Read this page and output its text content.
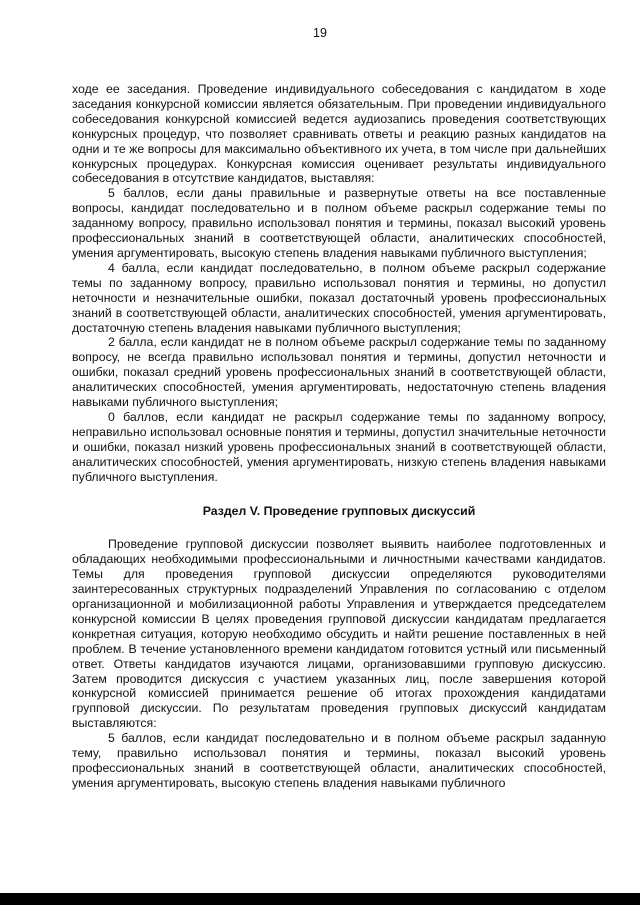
19

ходе ее заседания. Проведение индивидуального собеседования с кандидатом в ходе заседания конкурсной комиссии является обязательным. При проведении индивидуального собеседования конкурсной комиссией ведется аудиозапись проведения соответствующих конкурсных процедур, что позволяет сравнивать ответы и реакцию разных кандидатов на одни и те же вопросы для максимально объективного их учета, в том числе при дальнейших конкурсных процедурах. Конкурсная комиссия оценивает результаты индивидуального собеседования в отсутствие кандидатов, выставляя:

5 баллов, если даны правильные и развернутые ответы на все поставленные вопросы, кандидат последовательно и в полном объеме раскрыл содержание темы по заданному вопросу, правильно использовал понятия и термины, показал высокий уровень профессиональных знаний в соответствующей области, аналитических способностей, умения аргументировать, высокую степень владения навыками публичного выступления;

4 балла, если кандидат последовательно, в полном объеме раскрыл содержание темы по заданному вопросу, правильно использовал понятия и термины, но допустил неточности и незначительные ошибки, показал достаточный уровень профессиональных знаний в соответствующей области, аналитических способностей, умения аргументировать, достаточную степень владения навыками публичного выступления;

2 балла, если кандидат не в полном объеме раскрыл содержание темы по заданному вопросу, не всегда правильно использовал понятия и термины, допустил неточности и ошибки, показал средний уровень профессиональных знаний в соответствующей области, аналитических способностей, умения аргументировать, недостаточную степень владения навыками публичного выступления;

0 баллов, если кандидат не раскрыл содержание темы по заданному вопросу, неправильно использовал основные понятия и термины, допустил значительные неточности и ошибки, показал низкий уровень профессиональных знаний в соответствующей области, аналитических способностей, умения аргументировать, низкую степень владения навыками публичного выступления.

Раздел V. Проведение групповых дискуссий

Проведение групповой дискуссии позволяет выявить наиболее подготовленных и обладающих необходимыми профессиональными и личностными качествами кандидатов. Темы для проведения групповой дискуссии определяются руководителями заинтересованных структурных подразделений Управления по согласованию с отделом организационной и мобилизационной работы Управления и утверждается председателем конкурсной комиссии В целях проведения групповой дискуссии кандидатам предлагается конкретная ситуация, которую необходимо обсудить и найти решение поставленных в ней проблем. В течение установленного времени кандидатом готовится устный или письменный ответ. Ответы кандидатов изучаются лицами, организовавшими групповую дискуссию. Затем проводится дискуссия с участием указанных лиц, после завершения которой конкурсной комиссией принимается решение об итогах прохождения кандидатами групповой дискуссии. По результатам проведения групповых дискуссий кандидатам выставляются:

5 баллов, если кандидат последовательно и в полном объеме раскрыл заданную тему, правильно использовал понятия и термины, показал высокий уровень профессиональных знаний в соответствующей области, аналитических способностей, умения аргументировать, высокую степень владения навыками публичного
